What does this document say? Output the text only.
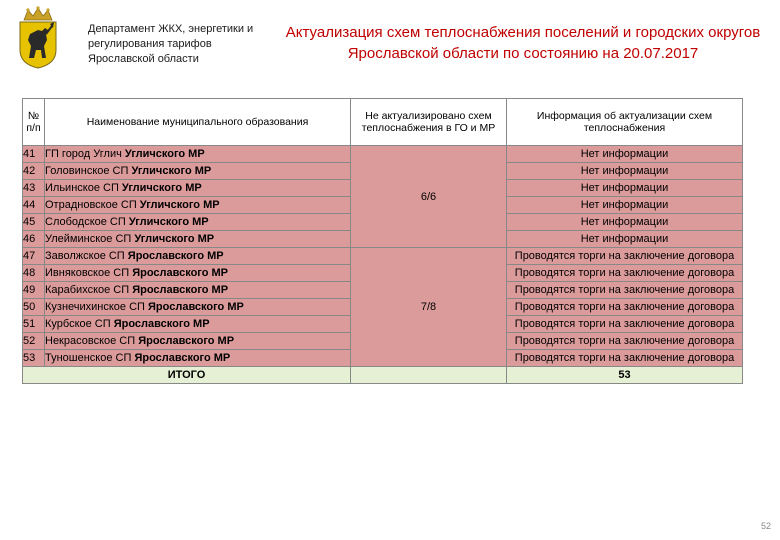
Департамент ЖКХ, энергетики и регулирования тарифов Ярославской области
Актуализация схем теплоснабжения поселений и городских округов Ярославской области по состоянию на 20.07.2017
№ п/п	Наименование муниципального образования	Не актуализировано схем теплоснабжения в ГО и МР	Информация об актуализации схем теплоснабжения
41	ГП город Углич Угличского МР	6/6	Нет информации
42	Головинское СП Угличского МР		Нет информации
43	Ильинское СП Угличского МР		Нет информации
44	Отрадновское СП Угличского МР		Нет информации
45	Слободское СП Угличского МР		Нет информации
46	Улейминское СП Угличского МР		Нет информации
47	Заволжское СП Ярославского МР	7/8	Проводятся торги на заключение договора
48	Ивняковское СП Ярославского МР		Проводятся торги на заключение договора
49	Карабихское СП Ярославского МР		Проводятся торги на заключение договора
50	Кузнечихинское СП Ярославского МР		Проводятся торги на заключение договора
51	Курбское СП Ярославского МР		Проводятся торги на заключение договора
52	Некрасовское СП Ярославского МР		Проводятся торги на заключение договора
53	Туношенское СП Ярославского МР		Проводятся торги на заключение договора
ИТОГО			53
52
